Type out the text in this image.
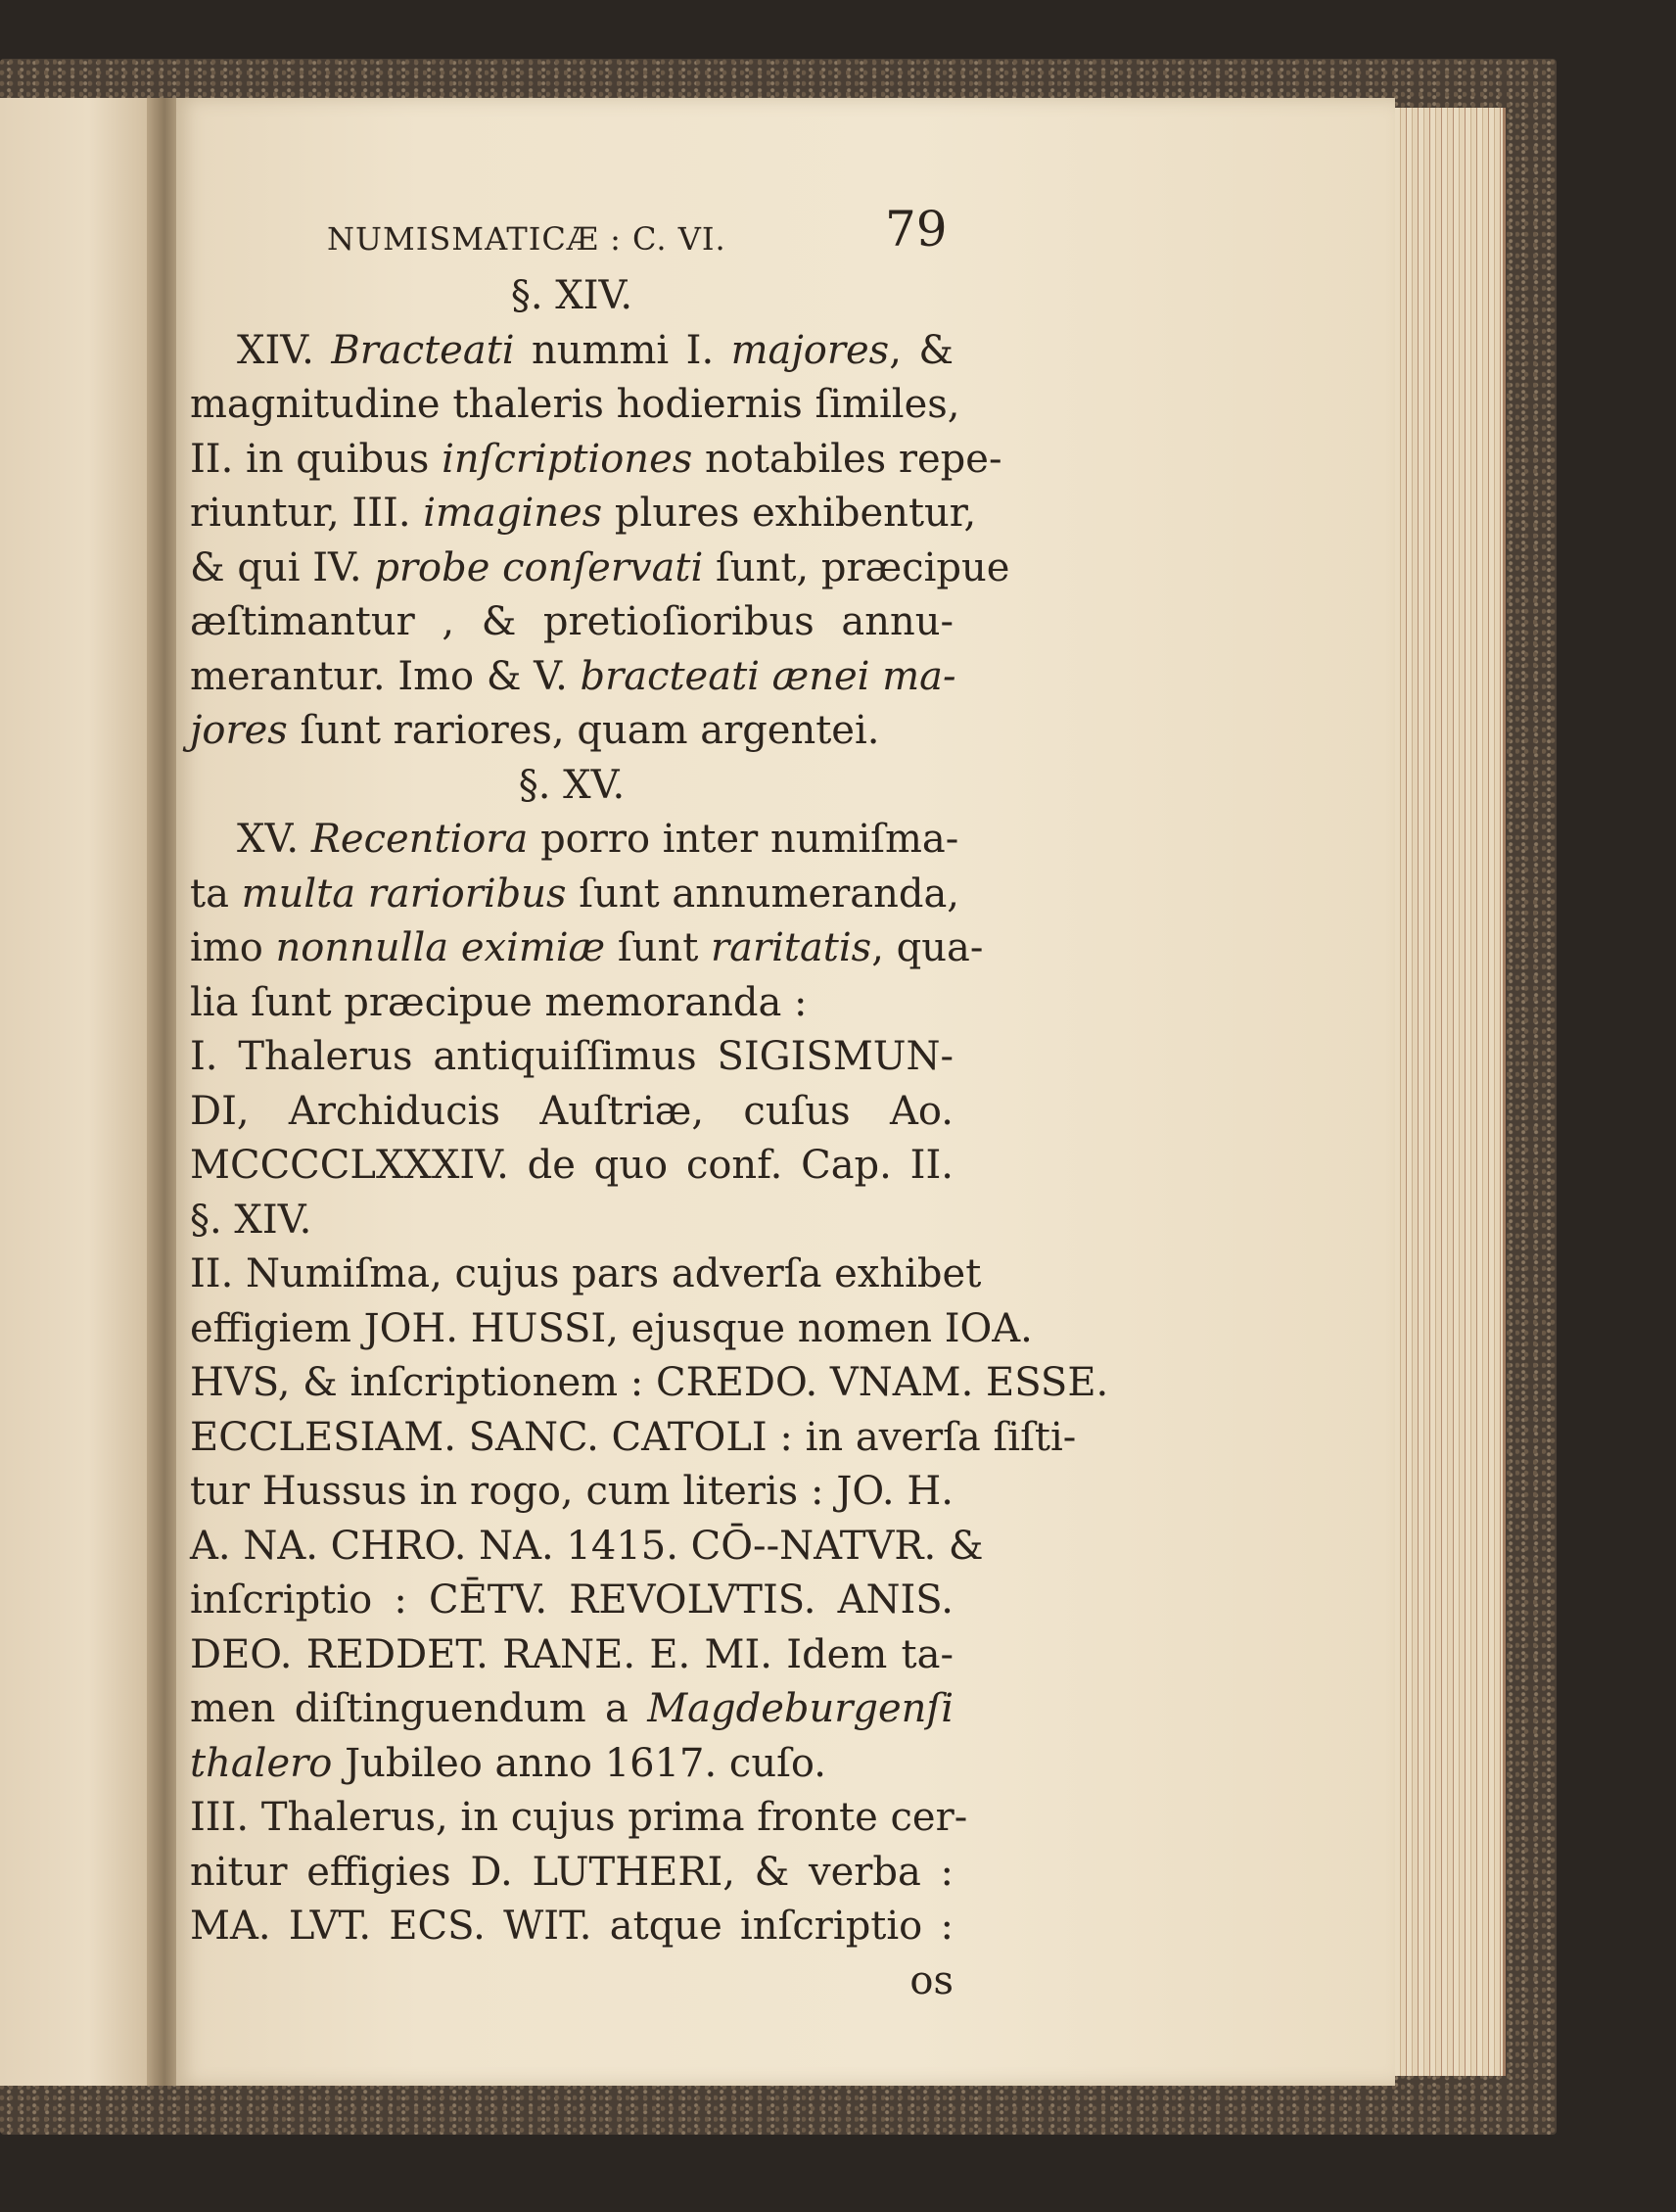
NUMISMATICÆ : C. VI.	79
§. XIV.
XIV. Bracteati nummi I. majores, &
magnitudine thaleris hodiernis ſimiles,
II. in quibus inſcriptiones notabiles repe-
riuntur, III. imagines plures exhibentur,
& qui IV. probe conſervati ſunt, præcipue
æſtimantur , & pretioſioribus annu-
merantur. Imo & V. bracteati ænei ma-
jores ſunt rariores, quam argentei.
§. XV.
XV. Recentiora porro inter numiſma-
ta multa rarioribus ſunt annumeranda,
imo nonnulla eximiæ ſunt raritatis, qua-
lia ſunt præcipue memoranda :
I. Thalerus antiquiſſimus SIGISMUN-
DI, Archiducis Auſtriæ, cuſus Ao.
MCCCCLXXXIV. de quo conf. Cap. II.
§. XIV.
II. Numiſma, cujus pars adverſa exhibet
effigiem JOH. HUSSI, ejusque nomen IOA.
HVS, & inſcriptionem : CREDO. VNAM. ESSE.
ECCLESIAM. SANC. CATOLI : in averſa ſiſti-
tur Hussus in rogo, cum literis : JO. H.
A. NA. CHRO. NA. 1415. CŌ--NATVR. &
inſcriptio : CĒTV. REVOLVTIS. ANIS.
DEO. REDDET. RANE. E. MI. Idem ta-
men diſtinguendum a Magdeburgenſi
thalero Jubileo anno 1617. cuſo.
III. Thalerus, in cujus prima fronte cer-
nitur effigies D. LUTHERI, & verba :
MA. LVT. ECS. WIT. atque inſcriptio :
os
